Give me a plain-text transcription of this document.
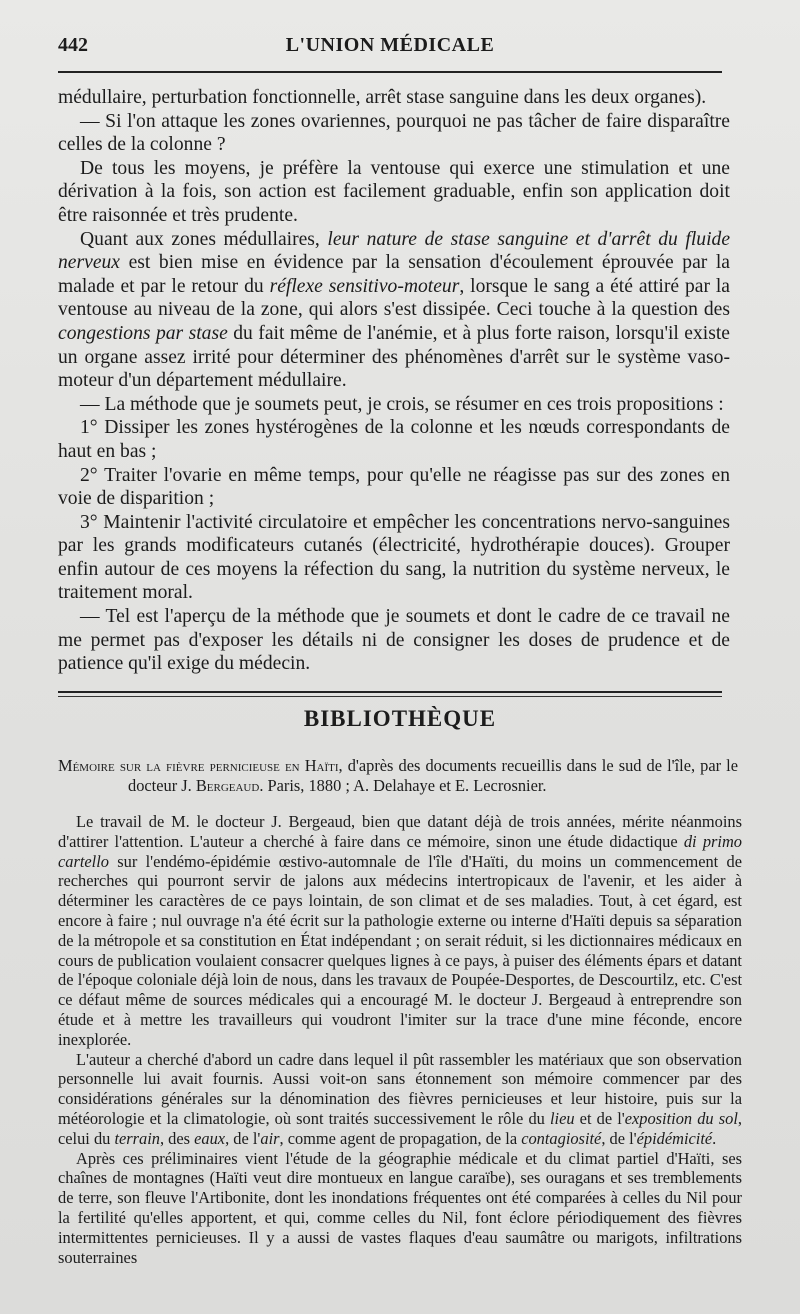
442	L'UNION MÉDICALE

médullaire, perturbation fonctionnelle, arrêt stase sanguine dans les deux organes).

— Si l'on attaque les zones ovariennes, pourquoi ne pas tâcher de faire disparaître celles de la colonne ?

De tous les moyens, je préfère la ventouse qui exerce une stimulation et une dérivation à la fois, son action est facilement graduable, enfin son application doit être raisonnée et très prudente.

Quant aux zones médullaires, leur nature de stase sanguine et d'arrêt du fluide nerveux est bien mise en évidence par la sensation d'écoulement éprouvée par la malade et par le retour du réflexe sensitivo-moteur, lorsque le sang a été attiré par la ventouse au niveau de la zone, qui alors s'est dissipée. Ceci touche à la question des congestions par stase du fait même de l'anémie, et à plus forte raison, lorsqu'il existe un organe assez irrité pour déterminer des phénomènes d'arrêt sur le système vaso-moteur d'un département médullaire.

— La méthode que je soumets peut, je crois, se résumer en ces trois propositions :

1° Dissiper les zones hystérogènes de la colonne et les nœuds correspondants de haut en bas ;

2° Traiter l'ovarie en même temps, pour qu'elle ne réagisse pas sur des zones en voie de disparition ;

3° Maintenir l'activité circulatoire et empêcher les concentrations nervo-sanguines par les grands modificateurs cutanés (électricité, hydrothérapie douces). Grouper enfin autour de ces moyens la réfection du sang, la nutrition du système nerveux, le traitement moral.

— Tel est l'aperçu de la méthode que je soumets et dont le cadre de ce travail ne me permet pas d'exposer les détails ni de consigner les doses de prudence et de patience qu'il exige du médecin.

BIBLIOTHÈQUE

Mémoire sur la fièvre pernicieuse en Haïti, d'après des documents recueillis dans le sud de l'île, par le docteur J. Bergeaud. Paris, 1880 ; A. Delahaye et E. Lecrosnier.

Le travail de M. le docteur J. Bergeaud, bien que datant déjà de trois années, mérite néanmoins d'attirer l'attention. L'auteur a cherché à faire dans ce mémoire, sinon une étude didactique di primo cartello sur l'endémo-épidémie œstivo-automnale de l'île d'Haïti, du moins un commencement de recherches qui pourront servir de jalons aux médecins intertropicaux de l'avenir, et les aider à déterminer les caractères de ce pays lointain, de son climat et de ses maladies. Tout, à cet égard, est encore à faire ; nul ouvrage n'a été écrit sur la pathologie externe ou interne d'Haïti depuis sa séparation de la métropole et sa constitution en État indépendant ; on serait réduit, si les dictionnaires médicaux en cours de publication voulaient consacrer quelques lignes à ce pays, à puiser des éléments épars et datant de l'époque coloniale déjà loin de nous, dans les travaux de Poupée-Desportes, de Descourtilz, etc. C'est ce défaut même de sources médicales qui a encouragé M. le docteur J. Bergeaud à entreprendre son étude et à mettre les travailleurs qui voudront l'imiter sur la trace d'une mine féconde, encore inexplorée.

L'auteur a cherché d'abord un cadre dans lequel il pût rassembler les matériaux que son observation personnelle lui avait fournis. Aussi voit-on sans étonnement son mémoire commencer par des considérations générales sur la dénomination des fièvres pernicieuses et leur histoire, puis sur la météorologie et la climatologie, où sont traités successivement le rôle du lieu et de l'exposition du sol, celui du terrain, des eaux, de l'air, comme agent de propagation, de la contagiosité, de l'épidémicité.

Après ces préliminaires vient l'étude de la géographie médicale et du climat partiel d'Haïti, ses chaînes de montagnes (Haïti veut dire montueux en langue caraïbe), ses ouragans et ses tremblements de terre, son fleuve l'Artibonite, dont les inondations fréquentes ont été comparées à celles du Nil pour la fertilité qu'elles apportent, et qui, comme celles du Nil, font éclore périodiquement des fièvres intermittentes pernicieuses. Il y a aussi de vastes flaques d'eau saumâtre ou marigots, infiltrations souterraines
